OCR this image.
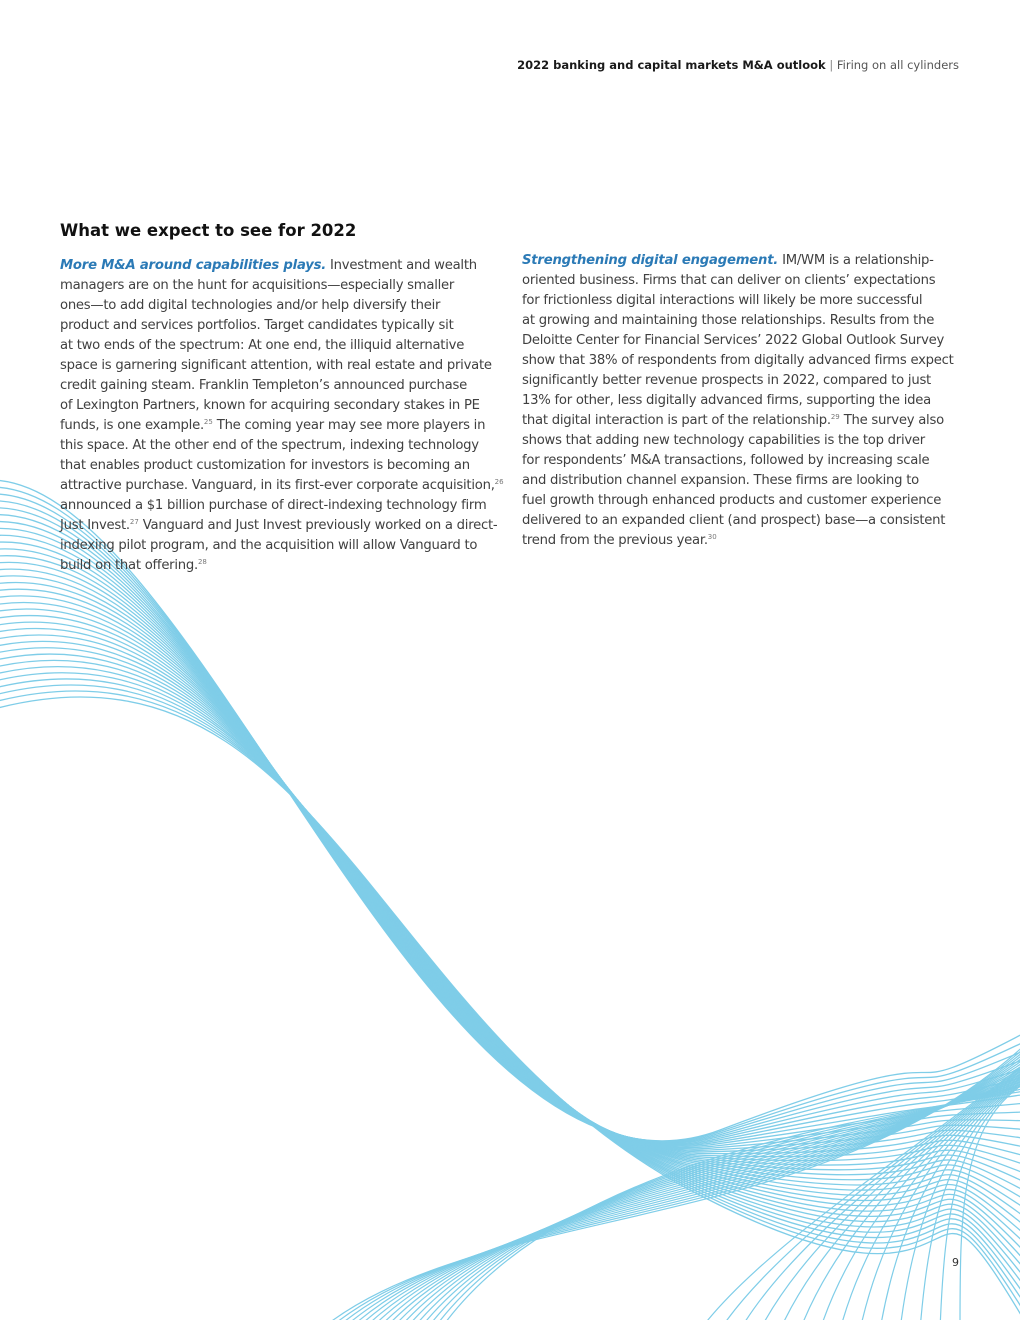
2022 banking and capital markets M&A outlook | Firing on all cylinders
What we expect to see for 2022
More M&A around capabilities plays. Investment and wealth
managers are on the hunt for acquisitions—especially smaller
ones—to add digital technologies and/or help diversify their
product and services portfolios. Target candidates typically sit
at two ends of the spectrum: At one end, the illiquid alternative
space is garnering significant attention, with real estate and private
credit gaining steam. Franklin Templeton’s announced purchase
of Lexington Partners, known for acquiring secondary stakes in PE
funds, is one example.$^{25}$ The coming year may see more players in
this space. At the other end of the spectrum, indexing technology
that enables product customization for investors is becoming an
attractive purchase. Vanguard, in its first-ever corporate acquisition,$^{26}$
announced a $1 billion purchase of direct-indexing technology firm
Just Invest.$^{27}$ Vanguard and Just Invest previously worked on a direct-
indexing pilot program, and the acquisition will allow Vanguard to
build on that offering.$^{28}$
Strengthening digital engagement. IM/WM is a relationship-
oriented business. Firms that can deliver on clients’ expectations
for frictionless digital interactions will likely be more successful
at growing and maintaining those relationships. Results from the
Deloitte Center for Financial Services’ 2022 Global Outlook Survey
show that 38% of respondents from digitally advanced firms expect
significantly better revenue prospects in 2022, compared to just
13% for other, less digitally advanced firms, supporting the idea
that digital interaction is part of the relationship.$^{29}$ The survey also
shows that adding new technology capabilities is the top driver
for respondents’ M&A transactions, followed by increasing scale
and distribution channel expansion. These firms are looking to
fuel growth through enhanced products and customer experience
delivered to an expanded client (and prospect) base—a consistent
trend from the previous year.$^{30}$
9
